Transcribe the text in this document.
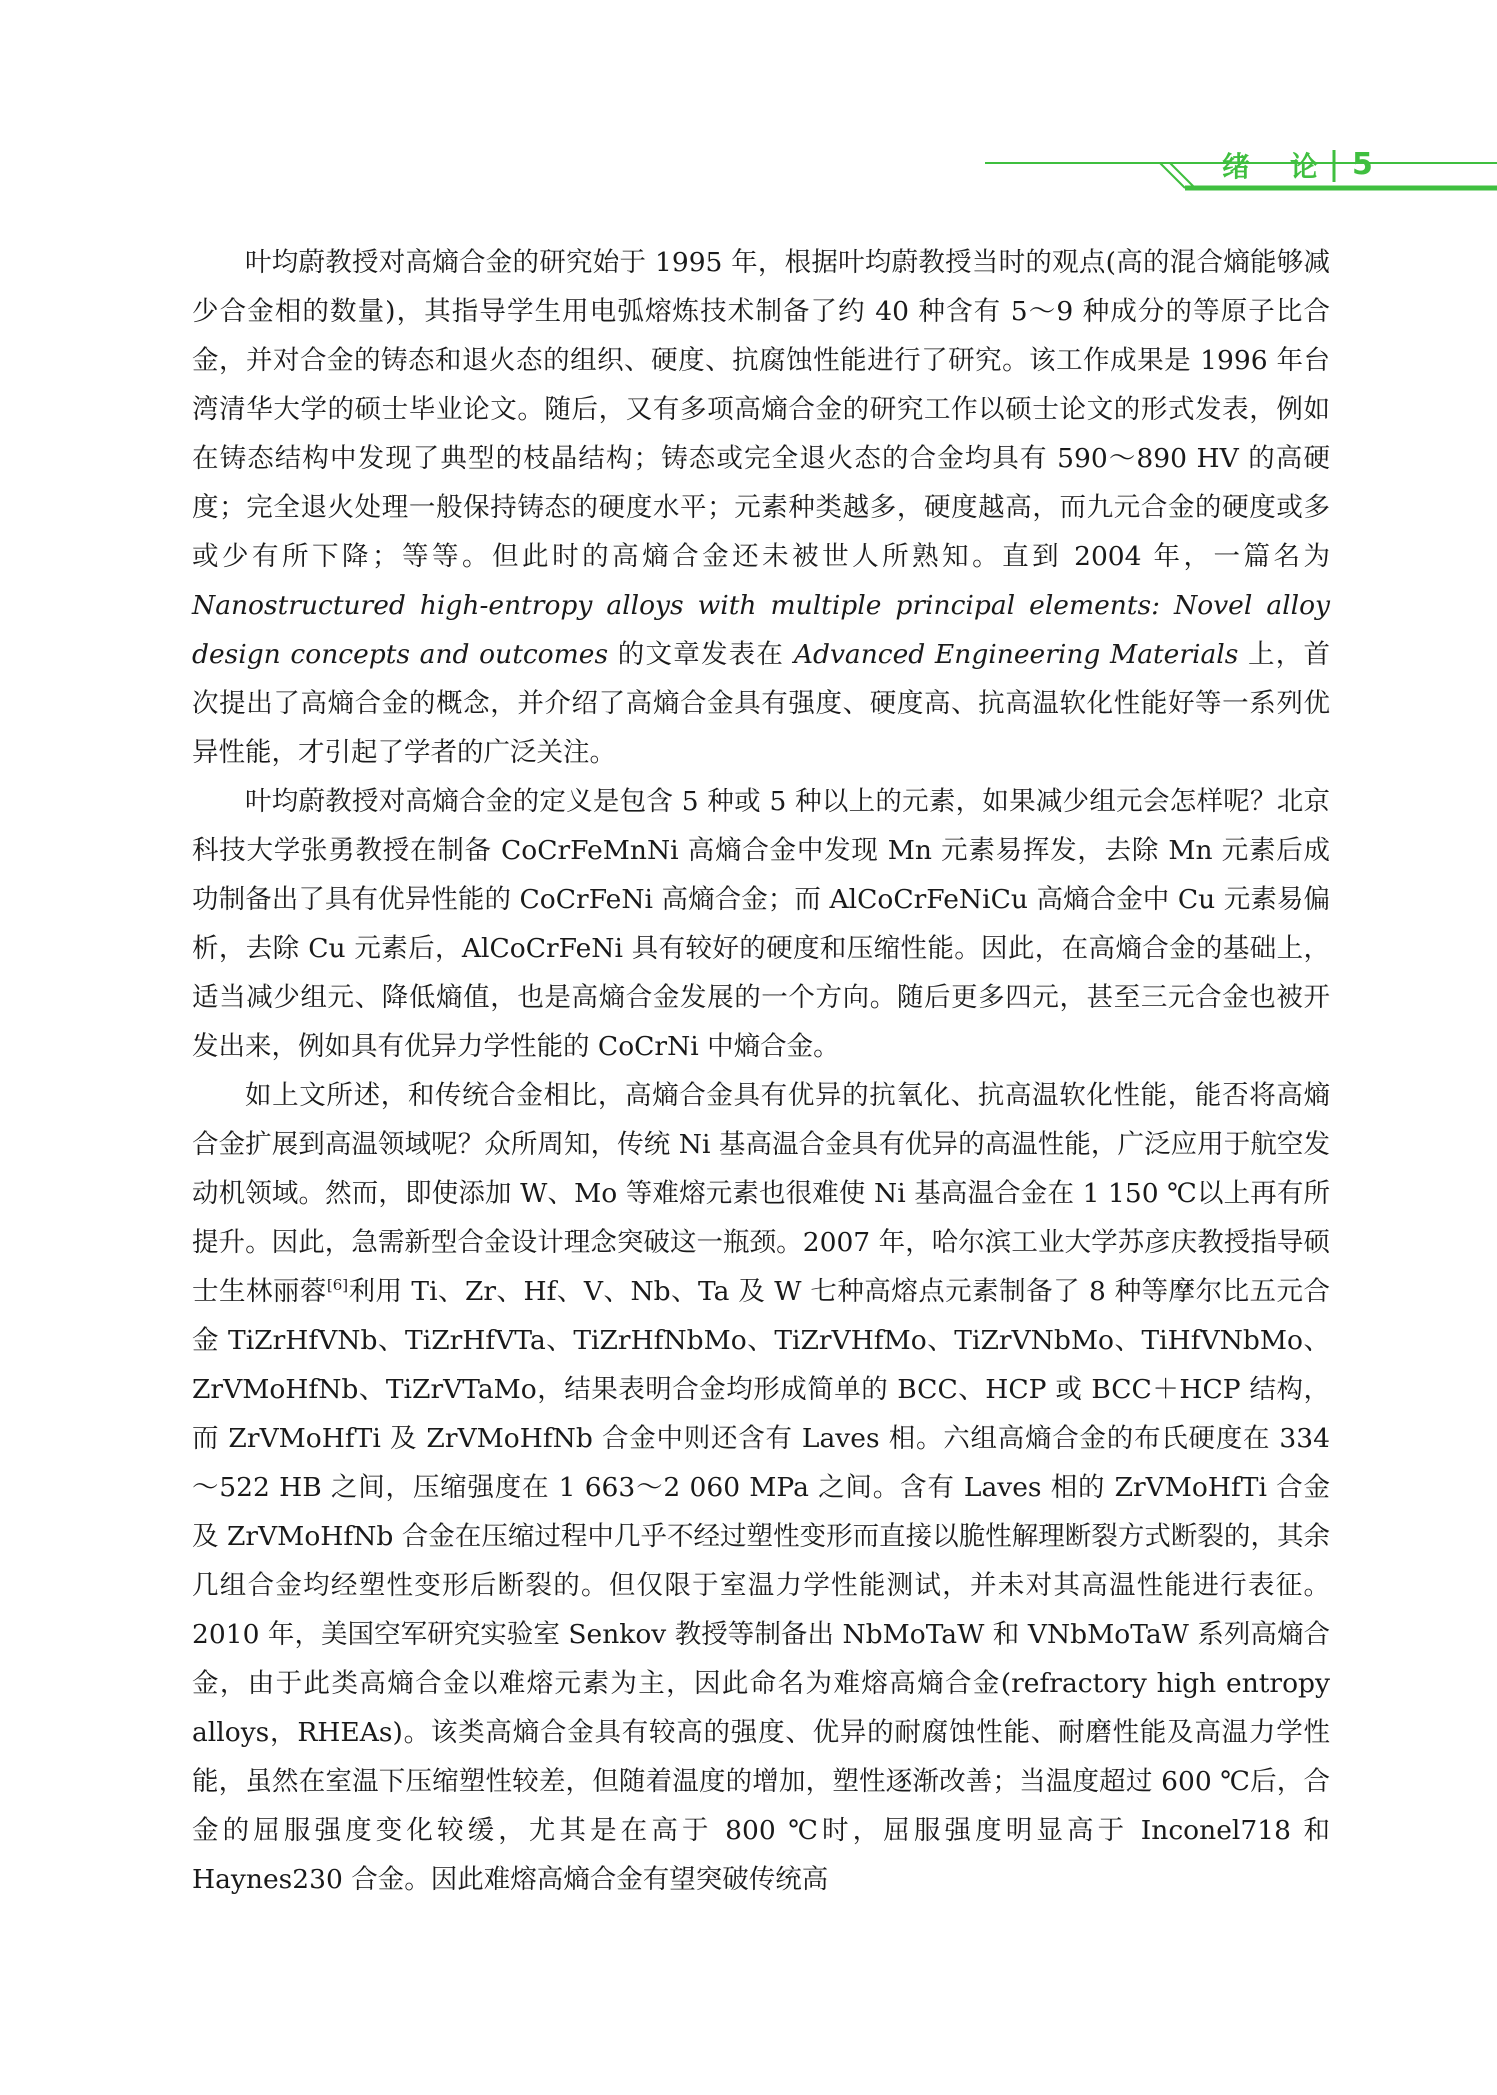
绪论
5

叶均蔚教授对高熵合金的研究始于 1995 年，根据叶均蔚教授当时的观点(高的混合熵能够减少合金相的数量)，其指导学生用电弧熔炼技术制备了约 40 种含有 5～9 种成分的等原子比合金，并对合金的铸态和退火态的组织、硬度、抗腐蚀性能进行了研究。该工作成果是 1996 年台湾清华大学的硕士毕业论文。随后，又有多项高熵合金的研究工作以硕士论文的形式发表，例如在铸态结构中发现了典型的枝晶结构；铸态或完全退火态的合金均具有 590～890 HV 的高硬度；完全退火处理一般保持铸态的硬度水平；元素种类越多，硬度越高，而九元合金的硬度或多或少有所下降；等等。但此时的高熵合金还未被世人所熟知。直到 2004 年，一篇名为 Nanostructured high-entropy alloys with multiple principal elements: Novel alloy design concepts and outcomes 的文章发表在 Advanced Engineering Materials 上，首次提出了高熵合金的概念，并介绍了高熵合金具有强度、硬度高、抗高温软化性能好等一系列优异性能，才引起了学者的广泛关注。

叶均蔚教授对高熵合金的定义是包含 5 种或 5 种以上的元素，如果减少组元会怎样呢？北京科技大学张勇教授在制备 CoCrFeMnNi 高熵合金中发现 Mn 元素易挥发，去除 Mn 元素后成功制备出了具有优异性能的 CoCrFeNi 高熵合金；而 AlCoCrFeNiCu 高熵合金中 Cu 元素易偏析，去除 Cu 元素后，AlCoCrFeNi 具有较好的硬度和压缩性能。因此，在高熵合金的基础上，适当减少组元、降低熵值，也是高熵合金发展的一个方向。随后更多四元，甚至三元合金也被开发出来，例如具有优异力学性能的 CoCrNi 中熵合金。

如上文所述，和传统合金相比，高熵合金具有优异的抗氧化、抗高温软化性能，能否将高熵合金扩展到高温领域呢？众所周知，传统 Ni 基高温合金具有优异的高温性能，广泛应用于航空发动机领域。然而，即使添加 W、Mo 等难熔元素也很难使 Ni 基高温合金在 1 150 ℃以上再有所提升。因此，急需新型合金设计理念突破这一瓶颈。2007 年，哈尔滨工业大学苏彦庆教授指导硕士生林丽蓉[6]利用 Ti、Zr、Hf、V、Nb、Ta 及 W 七种高熔点元素制备了 8 种等摩尔比五元合金 TiZrHfVNb、TiZrHfVTa、TiZrHfNbMo、TiZrVHfMo、TiZrVNbMo、TiHfVNbMo、ZrVMoHfNb、TiZrVTaMo，结果表明合金均形成简单的 BCC、HCP 或 BCC＋HCP 结构，而 ZrVMoHfTi 及 ZrVMoHfNb 合金中则还含有 Laves 相。六组高熵合金的布氏硬度在 334～522 HB 之间，压缩强度在 1 663～2 060 MPa 之间。含有 Laves 相的 ZrVMoHfTi 合金及 ZrVMoHfNb 合金在压缩过程中几乎不经过塑性变形而直接以脆性解理断裂方式断裂的，其余几组合金均经塑性变形后断裂的。但仅限于室温力学性能测试，并未对其高温性能进行表征。2010 年，美国空军研究实验室 Senkov 教授等制备出 NbMoTaW 和 VNbMoTaW 系列高熵合金，由于此类高熵合金以难熔元素为主，因此命名为难熔高熵合金(refractory high entropy alloys，RHEAs)。该类高熵合金具有较高的强度、优异的耐腐蚀性能、耐磨性能及高温力学性能，虽然在室温下压缩塑性较差，但随着温度的增加，塑性逐渐改善；当温度超过 600 ℃后，合金的屈服强度变化较缓，尤其是在高于 800 ℃时，屈服强度明显高于 Inconel718 和 Haynes230 合金。因此难熔高熵合金有望突破传统高
